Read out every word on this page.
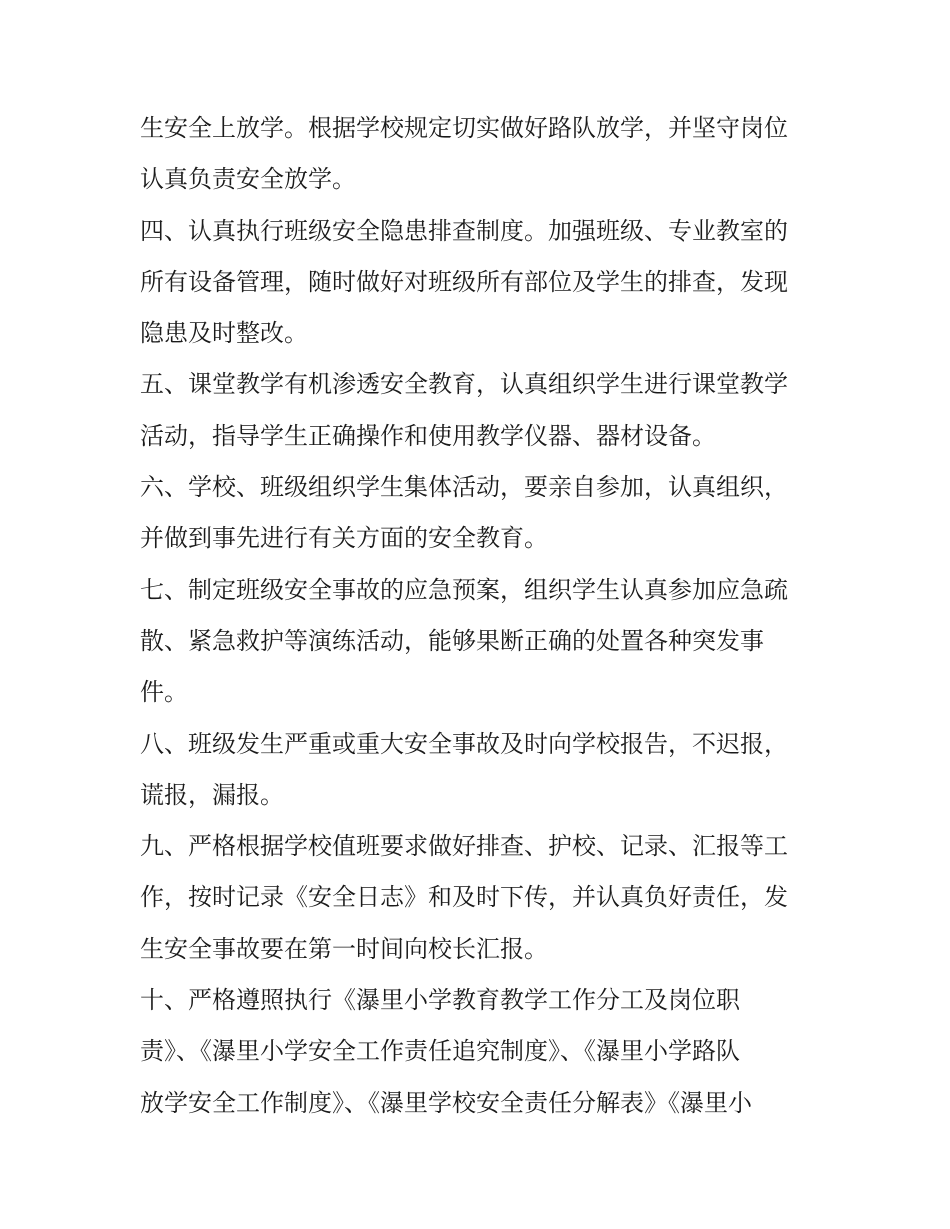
生安全上放学。根据学校规定切实做好路队放学，并坚守岗位
认真负责安全放学。
四、认真执行班级安全隐患排查制度。加强班级、专业教室的
所有设备管理，随时做好对班级所有部位及学生的排查，发现
隐患及时整改。
五、课堂教学有机渗透安全教育，认真组织学生进行课堂教学
活动，指导学生正确操作和使用教学仪器、器材设备。
六、学校、班级组织学生集体活动，要亲自参加，认真组织，
并做到事先进行有关方面的安全教育。
七、制定班级安全事故的应急预案，组织学生认真参加应急疏
散、紧急救护等演练活动，能够果断正确的处置各种突发事
件。
八、班级发生严重或重大安全事故及时向学校报告，不迟报，
谎报，漏报。
九、严格根据学校值班要求做好排查、护校、记录、汇报等工
作，按时记录《安全日志》和及时下传，并认真负好责任，发
生安全事故要在第一时间向校长汇报。
十、严格遵照执行《瀑里小学教育教学工作分工及岗位职
责》、《瀑里小学安全工作责任追究制度》、《瀑里小学路队
放学安全工作制度》、《瀑里学校安全责任分解表》《瀑里小
